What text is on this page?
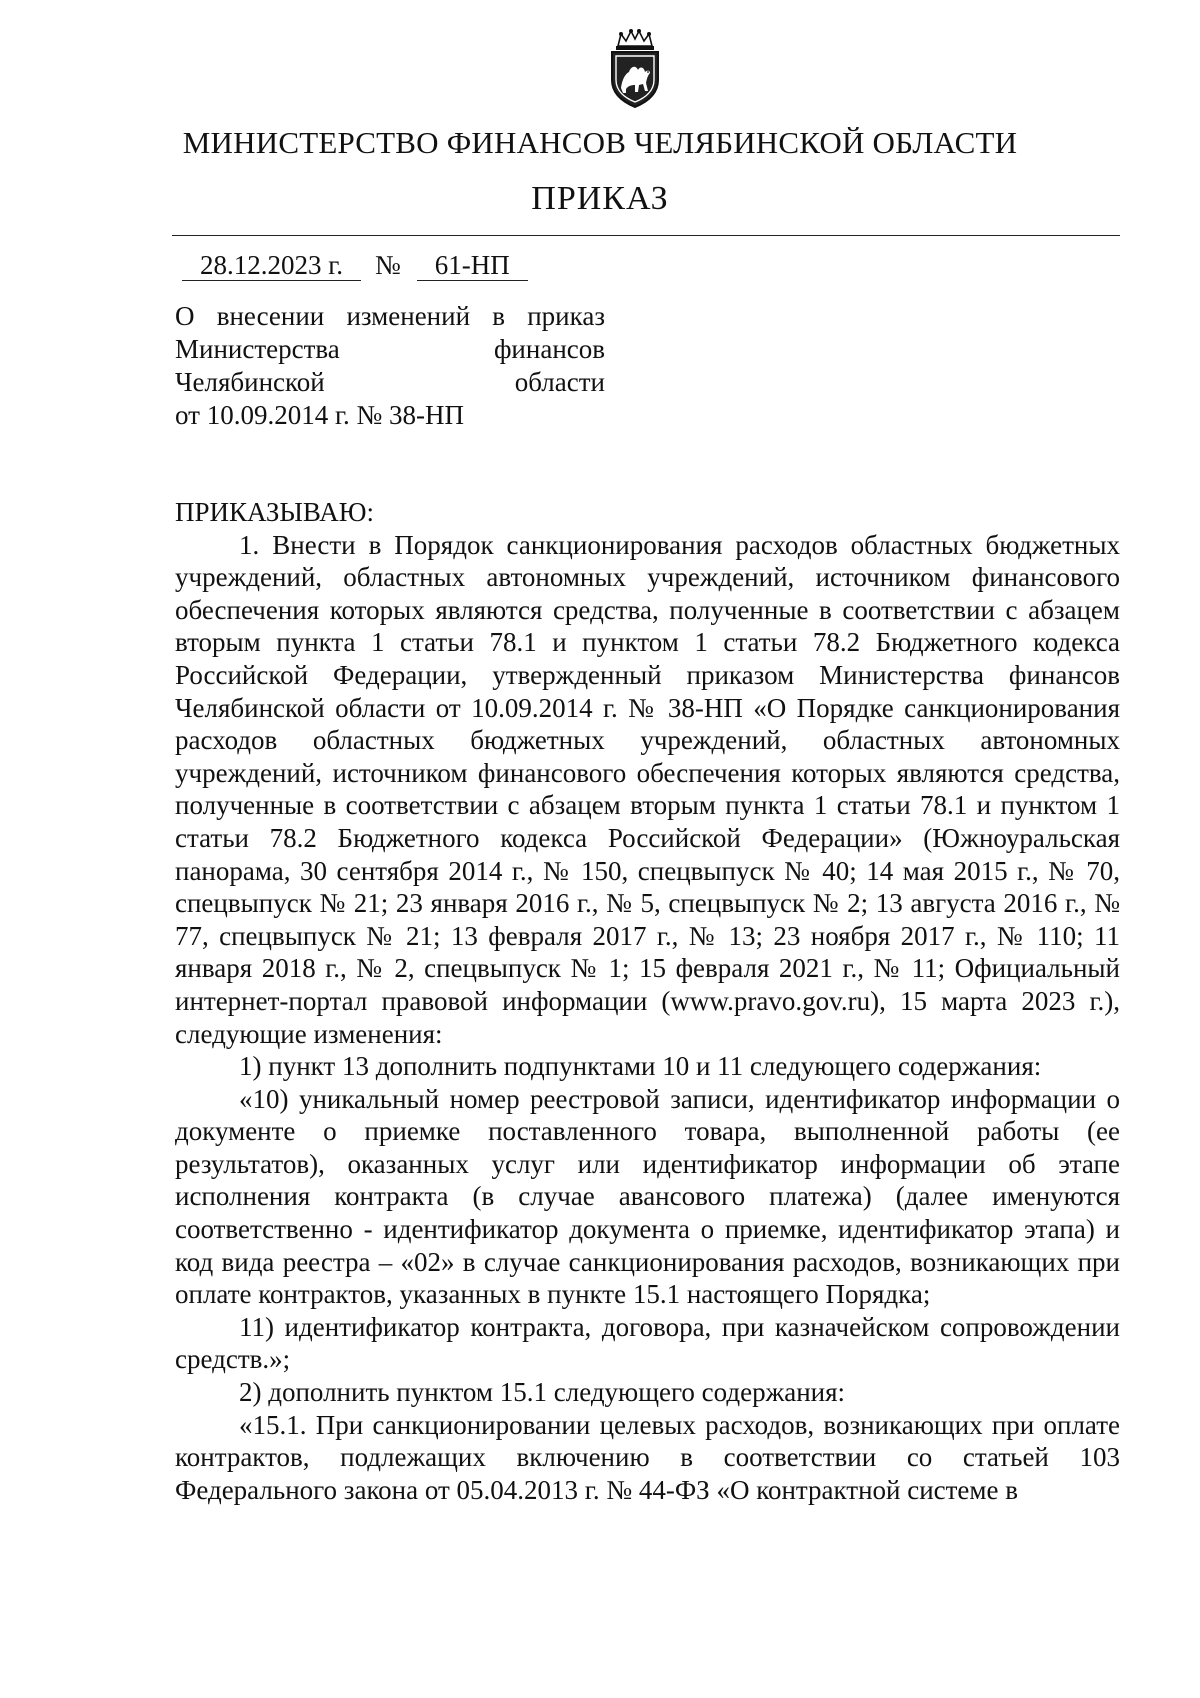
МИНИСТЕРСТВО ФИНАНСОВ ЧЕЛЯБИНСКОЙ ОБЛАСТИ
ПРИКАЗ
28.12.2023 г. № 61-НП
О внесении изменений в приказ
Министерства финансов
Челябинской области
от 10.09.2014 г. № 38-НП

ПРИКАЗЫВАЮ:

1. Внести в Порядок санкционирования расходов областных бюджетных учреждений, областных автономных учреждений, источником финансового обеспечения которых являются средства, полученные в соответствии с абзацем вторым пункта 1 статьи 78.1 и пунктом 1 статьи 78.2 Бюджетного кодекса Российской Федерации, утвержденный приказом Министерства финансов Челябинской области от 10.09.2014 г. № 38-НП «О Порядке санкционирования расходов областных бюджетных учреждений, областных автономных учреждений, источником финансового обеспечения которых являются средства, полученные в соответствии с абзацем вторым пункта 1 статьи 78.1 и пунктом 1 статьи 78.2 Бюджетного кодекса Российской Федерации» (Южноуральская панорама, 30 сентября 2014 г., № 150, спецвыпуск № 40; 14 мая 2015 г., № 70, спецвыпуск № 21; 23 января 2016 г., № 5, спецвыпуск № 2; 13 августа 2016 г., № 77, спецвыпуск № 21; 13 февраля 2017 г., № 13; 23 ноября 2017 г., № 110; 11 января 2018 г., № 2, спецвыпуск № 1; 15 февраля 2021 г., № 11; Официальный интернет-портал правовой информации (www.pravo.gov.ru), 15 марта 2023 г.), следующие изменения:

1) пункт 13 дополнить подпунктами 10 и 11 следующего содержания:

«10) уникальный номер реестровой записи, идентификатор информации о документе о приемке поставленного товара, выполненной работы (ее результатов), оказанных услуг или идентификатор информации об этапе исполнения контракта (в случае авансового платежа) (далее именуются соответственно - идентификатор документа о приемке, идентификатор этапа) и код вида реестра – «02» в случае санкционирования расходов, возникающих при оплате контрактов, указанных в пункте 15.1 настоящего Порядка;

11) идентификатор контракта, договора, при казначейском сопровождении средств.»;

2) дополнить пунктом 15.1 следующего содержания:

«15.1. При санкционировании целевых расходов, возникающих при оплате контрактов, подлежащих включению в соответствии со статьей 103 Федерального закона от 05.04.2013 г. № 44-ФЗ «О контрактной системе в
